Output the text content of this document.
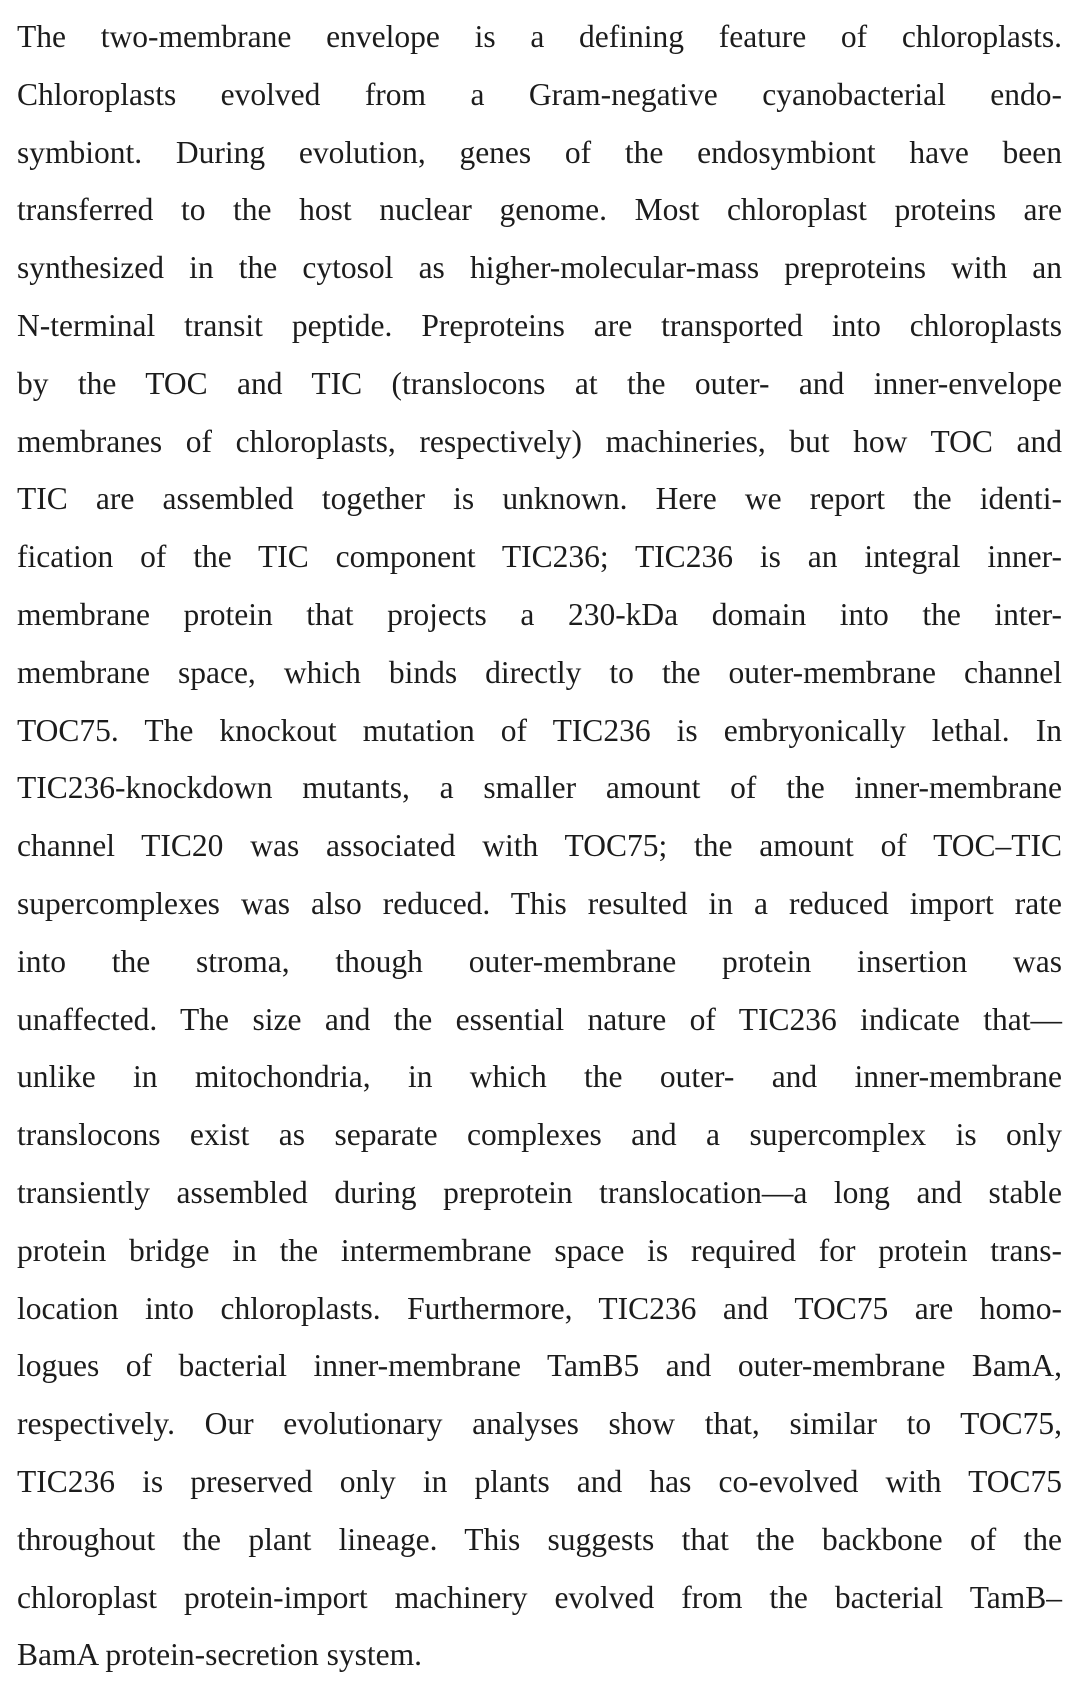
The two-membrane envelope is a defining feature of chloroplasts.
Chloroplasts evolved from a Gram-negative cyanobacterial endo-
symbiont. During evolution, genes of the endosymbiont have been
transferred to the host nuclear genome. Most chloroplast proteins are
synthesized in the cytosol as higher-molecular-mass preproteins with an
N-terminal transit peptide. Preproteins are transported into chloroplasts
by the TOC and TIC (translocons at the outer- and inner-envelope
membranes of chloroplasts, respectively) machineries, but how TOC and
TIC are assembled together is unknown. Here we report the identi-
fication of the TIC component TIC236; TIC236 is an integral inner-
membrane protein that projects a 230-kDa domain into the inter-
membrane space, which binds directly to the outer-membrane channel
TOC75. The knockout mutation of TIC236 is embryonically lethal. In
TIC236-knockdown mutants, a smaller amount of the inner-membrane
channel TIC20 was associated with TOC75; the amount of TOC–TIC
supercomplexes was also reduced. This resulted in a reduced import rate
into the stroma, though outer-membrane protein insertion was
unaffected. The size and the essential nature of TIC236 indicate that—
unlike in mitochondria, in which the outer- and inner-membrane
translocons exist as separate complexes and a supercomplex is only
transiently assembled during preprotein translocation—a long and stable
protein bridge in the intermembrane space is required for protein trans-
location into chloroplasts. Furthermore, TIC236 and TOC75 are homo-
logues of bacterial inner-membrane TamB5 and outer-membrane BamA,
respectively. Our evolutionary analyses show that, similar to TOC75,
TIC236 is preserved only in plants and has co-evolved with TOC75
throughout the plant lineage. This suggests that the backbone of the
chloroplast protein-import machinery evolved from the bacterial TamB–
BamA protein-secretion system.
